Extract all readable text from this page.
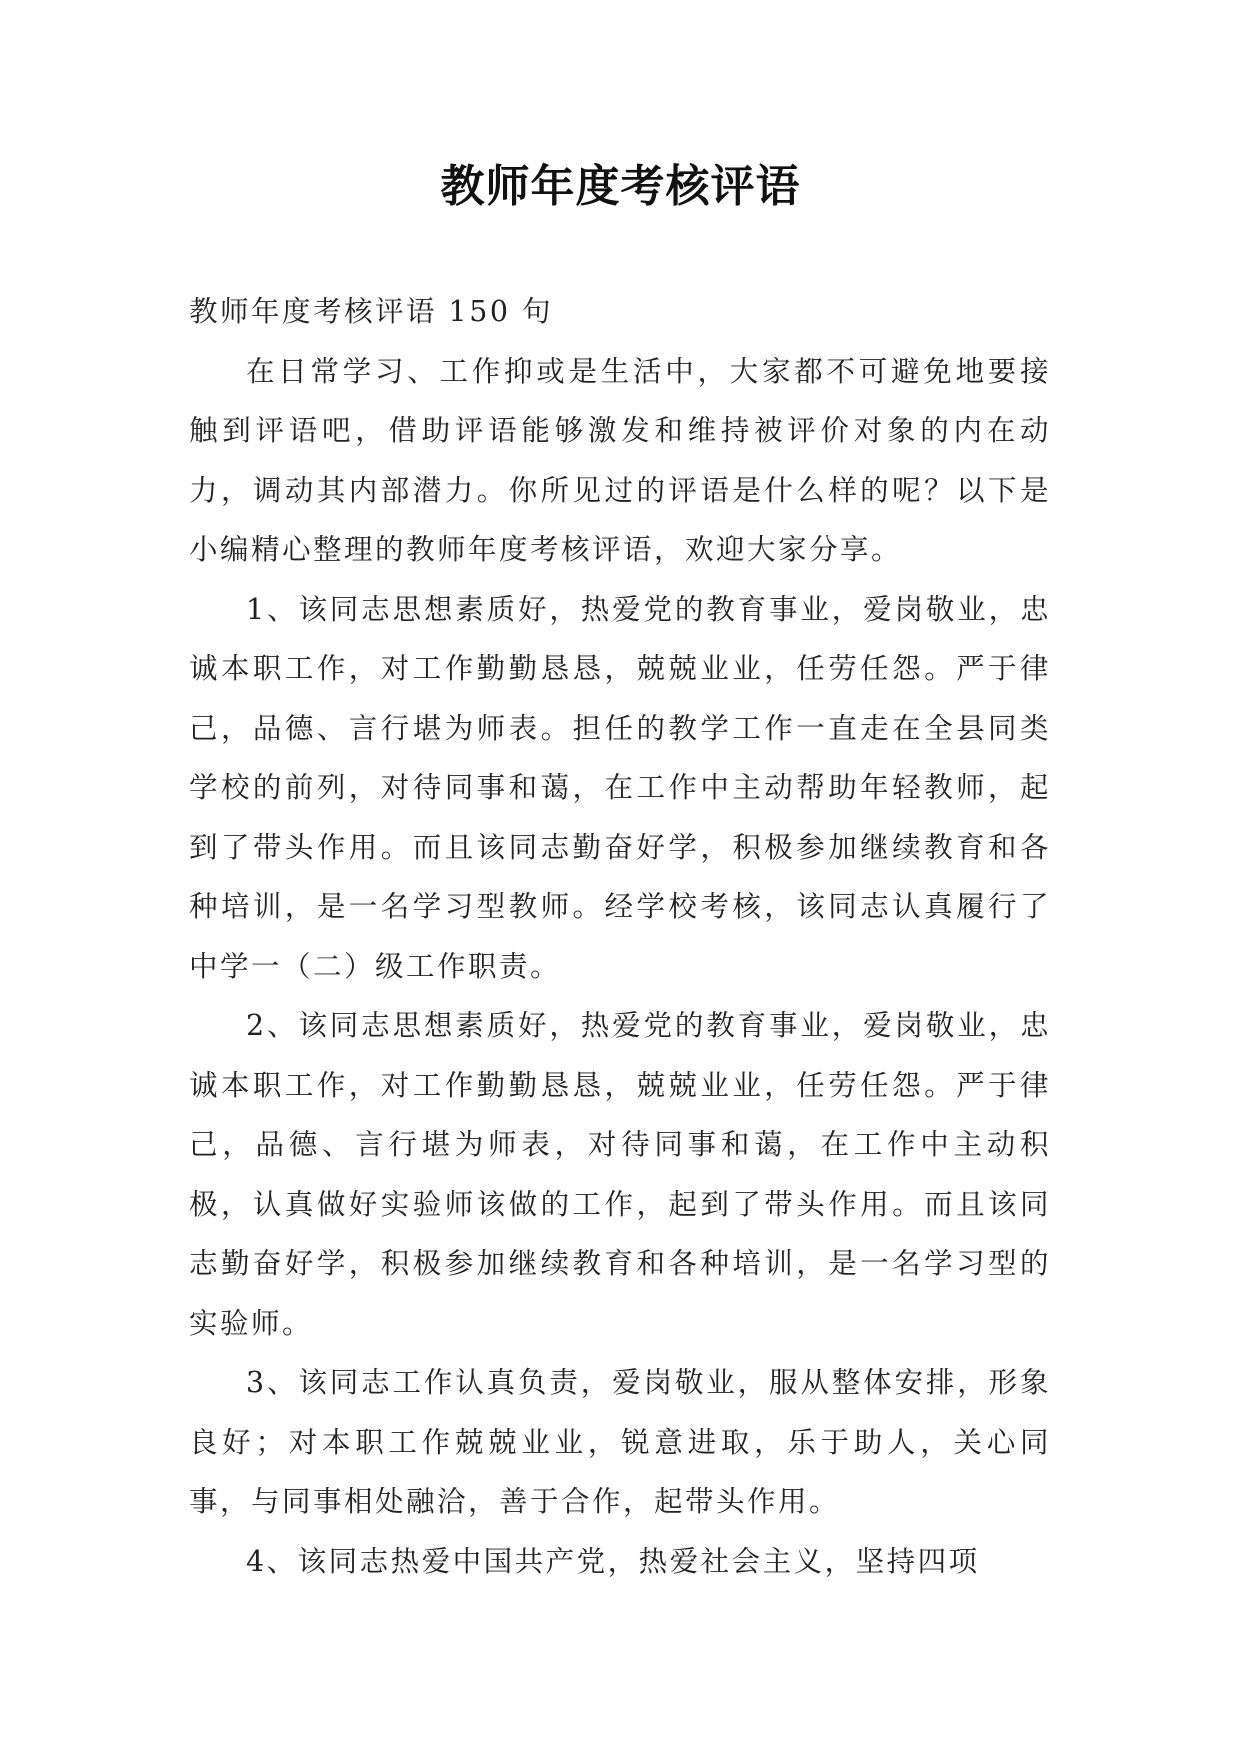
教师年度考核评语

教师年度考核评语 150 句

在日常学习、工作抑或是生活中，大家都不可避免地要接触到评语吧，借助评语能够激发和维持被评价对象的内在动力，调动其内部潜力。你所见过的评语是什么样的呢？以下是小编精心整理的教师年度考核评语，欢迎大家分享。

1、该同志思想素质好，热爱党的教育事业，爱岗敬业，忠诚本职工作，对工作勤勤恳恳，兢兢业业，任劳任怨。严于律己，品德、言行堪为师表。担任的教学工作一直走在全县同类学校的前列，对待同事和蔼，在工作中主动帮助年轻教师，起到了带头作用。而且该同志勤奋好学，积极参加继续教育和各种培训，是一名学习型教师。经学校考核，该同志认真履行了中学一（二）级工作职责。

2、该同志思想素质好，热爱党的教育事业，爱岗敬业，忠诚本职工作，对工作勤勤恳恳，兢兢业业，任劳任怨。严于律己，品德、言行堪为师表，对待同事和蔼，在工作中主动积极，认真做好实验师该做的工作，起到了带头作用。而且该同志勤奋好学，积极参加继续教育和各种培训，是一名学习型的实验师。

3、该同志工作认真负责，爱岗敬业，服从整体安排，形象良好；对本职工作兢兢业业，锐意进取，乐于助人，关心同事，与同事相处融洽，善于合作，起带头作用。

4、该同志热爱中国共产党，热爱社会主义，坚持四项
